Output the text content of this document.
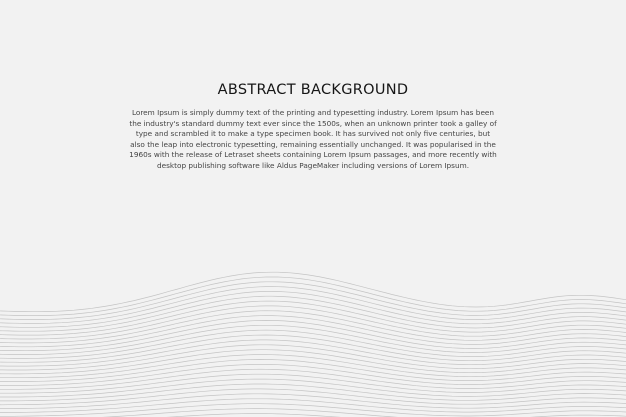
ABSTRACT BACKGROUND

Lorem Ipsum is simply dummy text of the printing and typesetting industry. Lorem Ipsum has been the industry's standard dummy text ever since the 1500s, when an unknown printer took a galley of type and scrambled it to make a type specimen book. It has survived not only five centuries, but also the leap into electronic typesetting, remaining essentially unchanged. It was popularised in the 1960s with the release of Letraset sheets containing Lorem Ipsum passages, and more recently with desktop publishing software like Aldus PageMaker including versions of Lorem Ipsum.
